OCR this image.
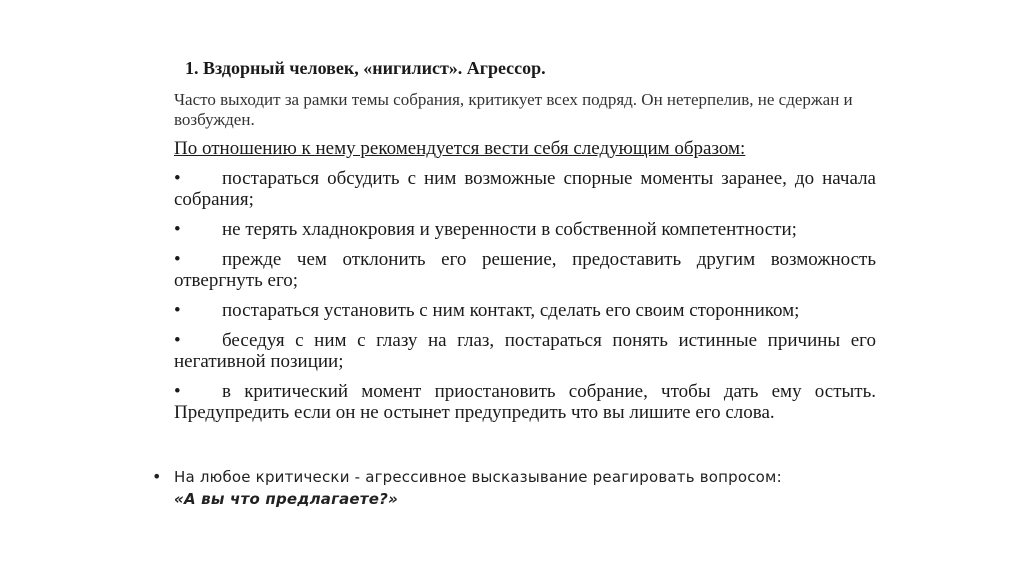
1. Вздорный человек, «нигилист». Агрессор.
Часто выходит за рамки темы собрания, критикует всех подряд. Он нетерпелив, не сдержан и возбужден.
По отношению к нему рекомендуется вести себя следующим образом:
• постараться обсудить с ним возможные спорные моменты заранее, до начала собрания;
• не терять хладнокровия и уверенности в собственной компетентности;
• прежде чем отклонить его решение, предоставить другим возможность отвергнуть его;
• постараться установить с ним контакт, сделать его своим сторонником;
• беседуя с ним с глазу на глаз, постараться понять истинные причины его негативной позиции;
• в критический момент приостановить собрание, чтобы дать ему остыть. Предупредить если он не остынет предупредить что вы лишите его слова.
• На любое критически - агрессивное высказывание реагировать вопросом:
«А вы что предлагаете?»
